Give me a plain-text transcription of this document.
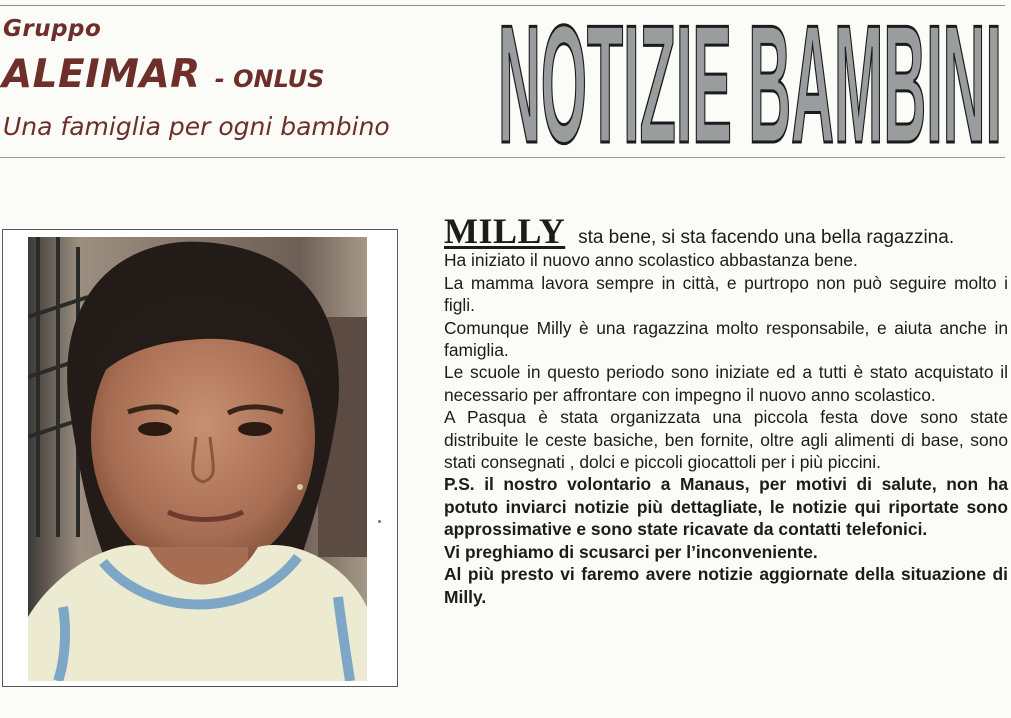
Gruppo
ALEIMAR - ONLUS
Una famiglia per ogni bambino NOTIZIE BAMBINI

MILLY sta bene, si sta facendo una bella ragazzina.

Ha iniziato il nuovo anno scolastico abbastanza bene.

La mamma lavora sempre in città, e purtropo non può seguire molto i figli.

Comunque Milly è una ragazzina molto responsabile, e aiuta anche in famiglia.

Le scuole in questo periodo sono iniziate ed a tutti è stato acquistato il necessario per affrontare con impegno il nuovo anno scolastico.

A Pasqua è stata organizzata una piccola festa dove sono state distribuite le ceste basiche, ben fornite, oltre agli alimenti di base, sono stati consegnati , dolci e piccoli giocattoli per i più piccini.

P.S. il nostro volontario a Manaus, per motivi di salute, non ha potuto inviarci notizie più dettagliate, le notizie qui riportate sono approssimative e sono state ricavate da contatti telefonici.

Vi preghiamo di scusarci per l’inconveniente.

Al più presto vi faremo avere notizie aggiornate della situazione di Milly.
